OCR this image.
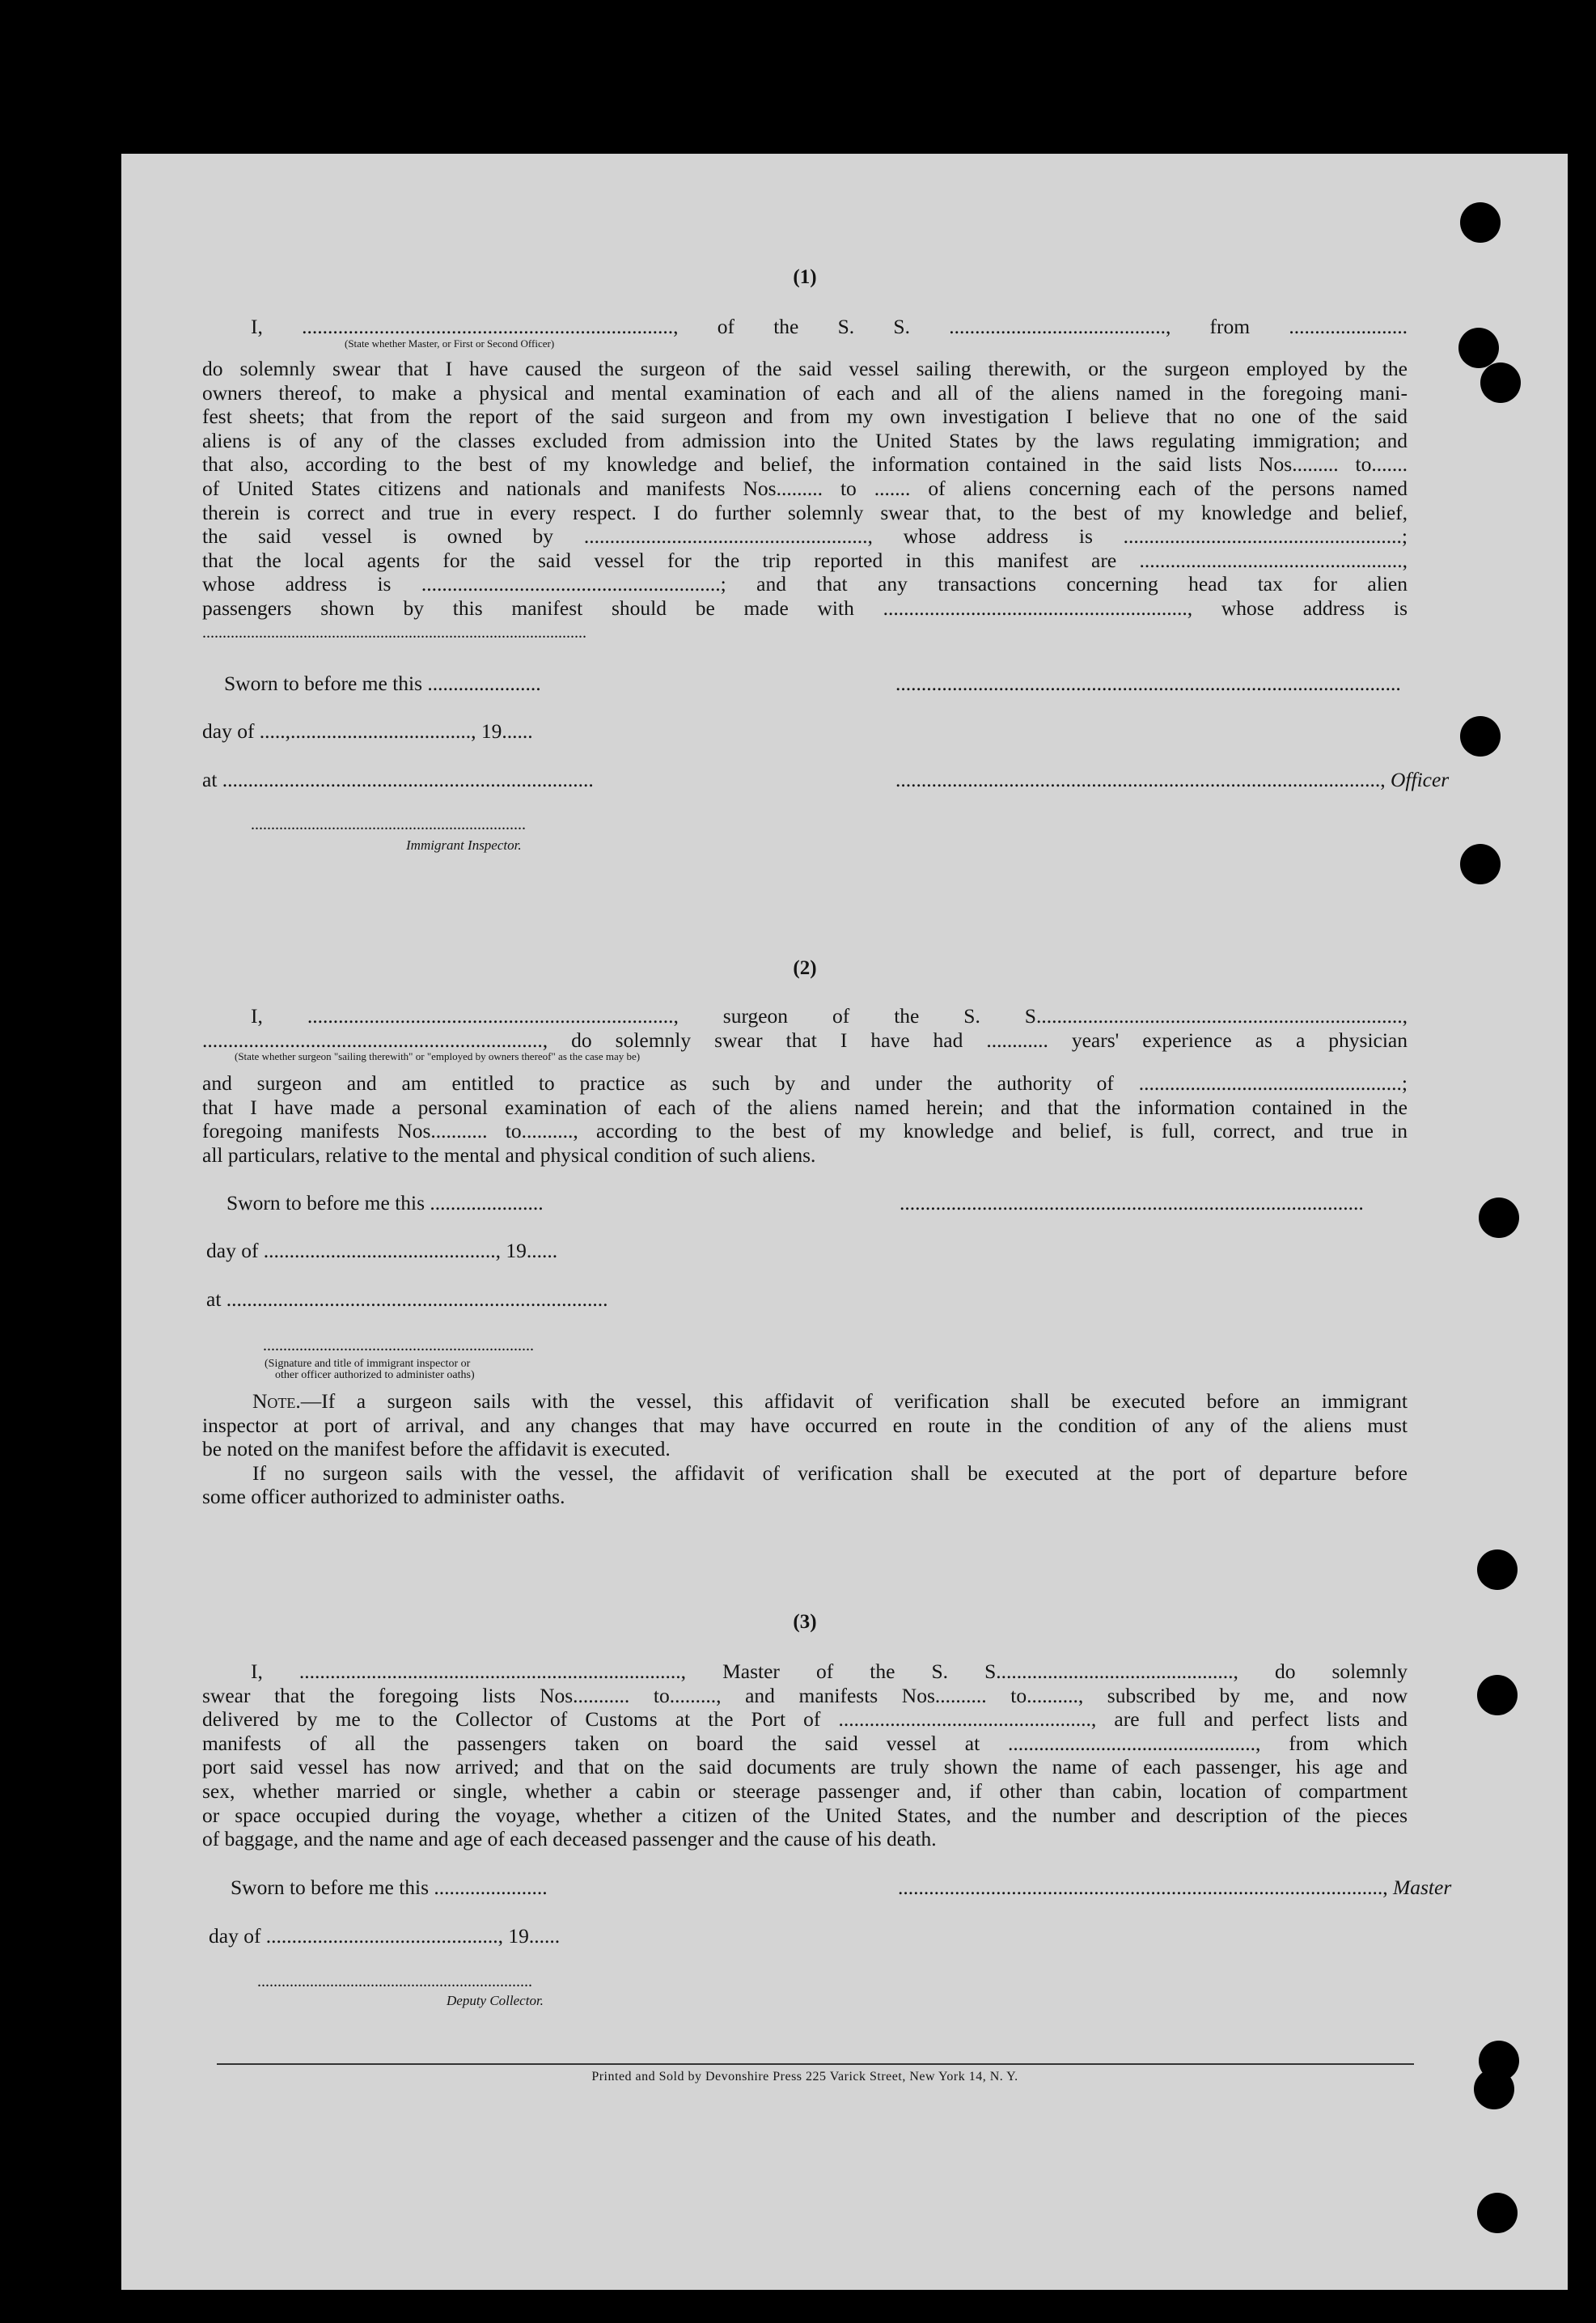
(1)
I, ........................................................................, of the S. S. .........................................., from .......................
(State whether Master, or First or Second Officer)
do solemnly swear that I have caused the surgeon of the said vessel sailing therewith, or the surgeon employed by the
owners thereof, to make a physical and mental examination of each and all of the aliens named in the foregoing mani-
fest sheets; that from the report of the said surgeon and from my own investigation I believe that no one of the said
aliens is of any of the classes excluded from admission into the United States by the laws regulating immigration; and
that also, according to the best of my knowledge and belief, the information contained in the said lists Nos......... to.......
of United States citizens and nationals and manifests Nos......... to ....... of aliens concerning each of the persons named
therein is correct and true in every respect. I do further solemnly swear that, to the best of my knowledge and belief,
the said vessel is owned by ......................................................., whose address is ......................................................;
that the local agents for the said vessel for the trip reported in this manifest are ...................................................,
whose address is ..........................................................; and that any transactions concerning head tax for alien
passengers shown by this manifest should be made with ..........................................................., whose address is
...............................................................................................
Sworn to before me this ......................	..................................................................................................
day of .....,..................................., 19......
at ........................................................................	.............................................................................................., Officer
....................................................................
Immigrant Inspector.
(2)
I, ......................................................................., surgeon of the S. S.......................................................................,
.................................................................., do solemnly swear that I have had ............ years' experience as a physician
(State whether surgeon "sailing therewith" or "employed by owners thereof" as the case may be)
and surgeon and am entitled to practice as such by and under the authority of ...................................................;
that I have made a personal examination of each of the aliens named herein; and that the information contained in the
foregoing manifests Nos........... to.........., according to the best of my knowledge and belief, is full, correct, and true in
all particulars, relative to the mental and physical condition of such aliens.
Sworn to before me this ......................	..........................................................................................
day of ............................................., 19......
at ..........................................................................
...................................................................
(Signature and title of immigrant inspector or
other officer authorized to administer oaths)
Note.—If a surgeon sails with the vessel, this affidavit of verification shall be executed before an immigrant
inspector at port of arrival, and any changes that may have occurred en route in the condition of any of the aliens must
be noted on the manifest before the affidavit is executed.
If no surgeon sails with the vessel, the affidavit of verification shall be executed at the port of departure before
some officer authorized to administer oaths.
(3)
I, .........................................................................., Master of the S. S.............................................., do solemnly
swear that the foregoing lists Nos........... to........., and manifests Nos.......... to.........., subscribed by me, and now
delivered by me to the Collector of Customs at the Port of ................................................., are full and perfect lists and
manifests of all the passengers taken on board the said vessel at ................................................, from which
port said vessel has now arrived; and that on the said documents are truly shown the name of each passenger, his age and
sex, whether married or single, whether a cabin or steerage passenger and, if other than cabin, location of compartment
or space occupied during the voyage, whether a citizen of the United States, and the number and description of the pieces
of baggage, and the name and age of each deceased passenger and the cause of his death.
Sworn to before me this ......................	.............................................................................................., Master
day of ............................................., 19......
....................................................................
Deputy Collector.
Printed and Sold by Devonshire Press 225 Varick Street, New York 14, N. Y.
